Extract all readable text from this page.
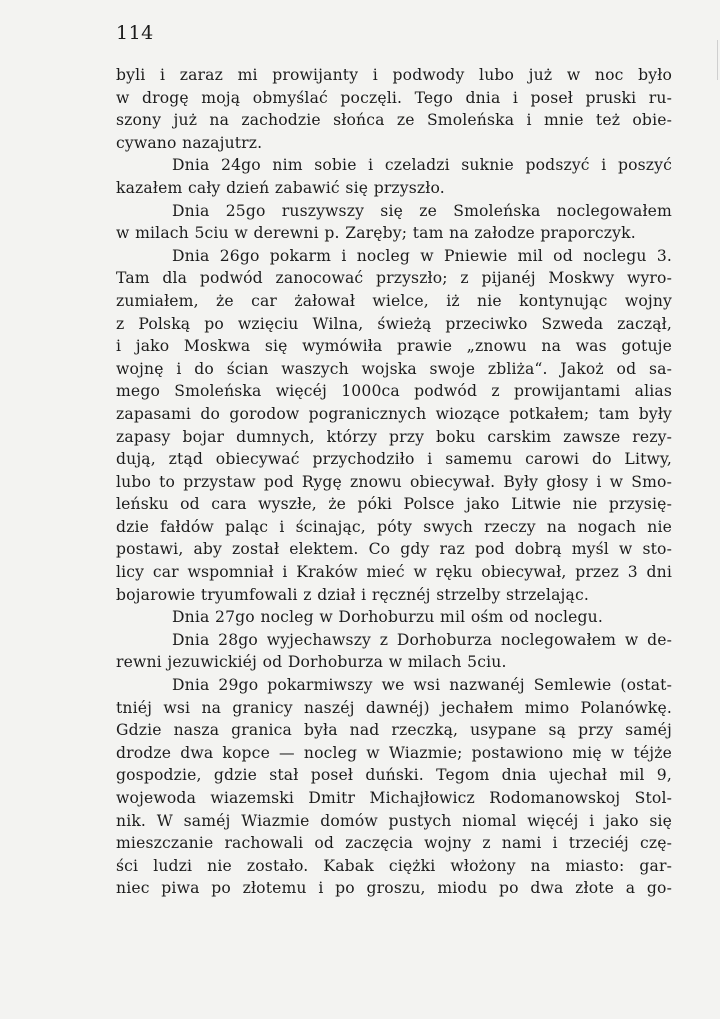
114
byli i zaraz mi prowijanty i podwody lubo już w noc było
w drogę moją obmyślać poczęli. Tego dnia i poseł pruski ru-
szony już na zachodzie słońca ze Smoleńska i mnie też obie-
cywano nazajutrz.
Dnia 24go nim sobie i czeladzi suknie podszyć i poszyć
kazałem cały dzień zabawić się przyszło.
Dnia 25go ruszywszy się ze Smoleńska noclegowałem
w milach 5ciu w derewni p. Zaręby; tam na załodze praporczyk.
Dnia 26go pokarm i nocleg w Pniewie mil od noclegu 3.
Tam dla podwód zanocować przyszło; z pijanéj Moskwy wyro-
zumiałem, że car żałował wielce, iż nie kontynując wojny
z Polską po wzięciu Wilna, świeżą przeciwko Szweda zaczął,
i jako Moskwa się wymówiła prawie „znowu na was gotuje
wojnę i do ścian waszych wojska swoje zbliża“. Jakoż od sa-
mego Smoleńska więcéj 1000ca podwód z prowijantami alias
zapasami do gorodow pogranicznych wiozące potkałem; tam były
zapasy bojar dumnych, którzy przy boku carskim zawsze rezy-
dują, ztąd obiecywać przychodziło i samemu carowi do Litwy,
lubo to przystaw pod Rygę znowu obiecywał. Były głosy i w Smo-
leńsku od cara wyszłe, że póki Polsce jako Litwie nie przysię-
dzie fałdów paląc i ścinając, póty swych rzeczy na nogach nie
postawi, aby został elektem. Co gdy raz pod dobrą myśl w sto-
licy car wspomniał i Kraków mieć w ręku obiecywał, przez 3 dni
bojarowie tryumfowali z dział i ręcznéj strzelby strzelając.
Dnia 27go nocleg w Dorhoburzu mil ośm od noclegu.
Dnia 28go wyjechawszy z Dorhoburza noclegowałem w de-
rewni jezuwickiéj od Dorhoburza w milach 5ciu.
Dnia 29go pokarmiwszy we wsi nazwanéj Semlewie (ostat-
tniéj wsi na granicy naszéj dawnéj) jechałem mimo Polanówkę.
Gdzie nasza granica była nad rzeczką, usypane są przy saméj
drodze dwa kopce — nocleg w Wiazmie; postawiono mię w téjże
gospodzie, gdzie stał poseł duński. Tegom dnia ujechał mil 9,
wojewoda wiazemski Dmitr Michajłowicz Rodomanowskoj Stol-
nik. W saméj Wiazmie domów pustych niomal więcéj i jako się
mieszczanie rachowali od zaczęcia wojny z nami i trzeciéj czę-
ści ludzi nie zostało. Kabak ciężki włożony na miasto: gar-
niec piwa po złotemu i po groszu, miodu po dwa złote a go-
